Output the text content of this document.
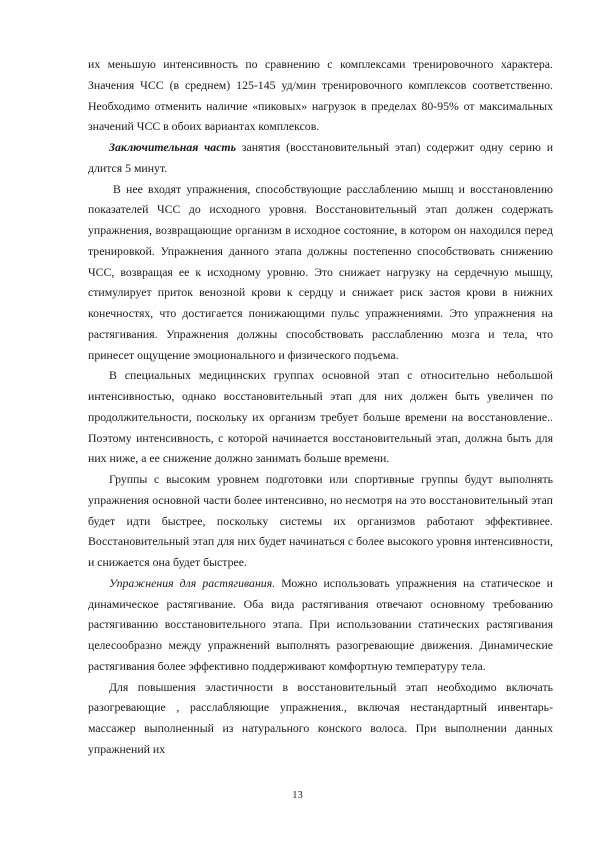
их меньшую интенсивность по сравнению с комплексами тренировочного характера. Значения ЧСС (в среднем) 125-145 уд/мин тренировочного комплексов соответственно. Необходимо отменить наличие «пиковых» нагрузок в пределах 80-95% от максимальных значений ЧСС в обоих вариантах комплексов.

Заключительная часть занятия (восстановительный этап) содержит одну серию и длится 5 минут.

В нее входят упражнения, способствующие расслаблению мышц и восстановлению показателей ЧСС до исходного уровня. Восстановительный этап должен содержать упражнения, возвращающие организм в исходное состояние, в котором он находился перед тренировкой. Упражнения данного этапа должны постепенно способствовать снижению ЧСС, возвращая ее к исходному уровню. Это снижает нагрузку на сердечную мышцу, стимулирует приток венозной крови к сердцу и снижает риск застоя крови в нижних конечностях, что достигается понижающими пульс упражнениями. Это упражнения на растягивания. Упражнения должны способствовать расслаблению мозга и тела, что принесет ощущение эмоционального и физического подъема.

В специальных медицинских группах основной этап с относительно небольшой интенсивностью, однако восстановительный этап для них должен быть увеличен по продолжительности, поскольку их организм требует больше времени на восстановление.. Поэтому интенсивность, с которой начинается восстановительный этап, должна быть для них ниже, а ее снижение должно занимать больше времени.

Группы с высоким уровнем подготовки или спортивные группы будут выполнять упражнения основной части более интенсивно, но несмотря на это восстановительный этап будет идти быстрее, поскольку системы их организмов работают эффективнее. Восстановительный этап для них будет начинаться с более высокого уровня интенсивности, и снижается она будет быстрее.

Упражнения для растягивания. Можно использовать упражнения на статическое и динамическое растягивание. Оба вида растягивания отвечают основному требованию растягиванию восстановительного этапа. При использовании статических растягивания целесообразно между упражнений выполнять разогревающие движения. Динамические растягивания более эффективно поддерживают комфортную температуру тела.

Для повышения эластичности в восстановительный этап необходимо включать разогревающие , расслабляющие упражнения., включая нестандартный инвентарь- массажер выполненный из натурального конского волоса. При выполнении данных упражнений их

13
